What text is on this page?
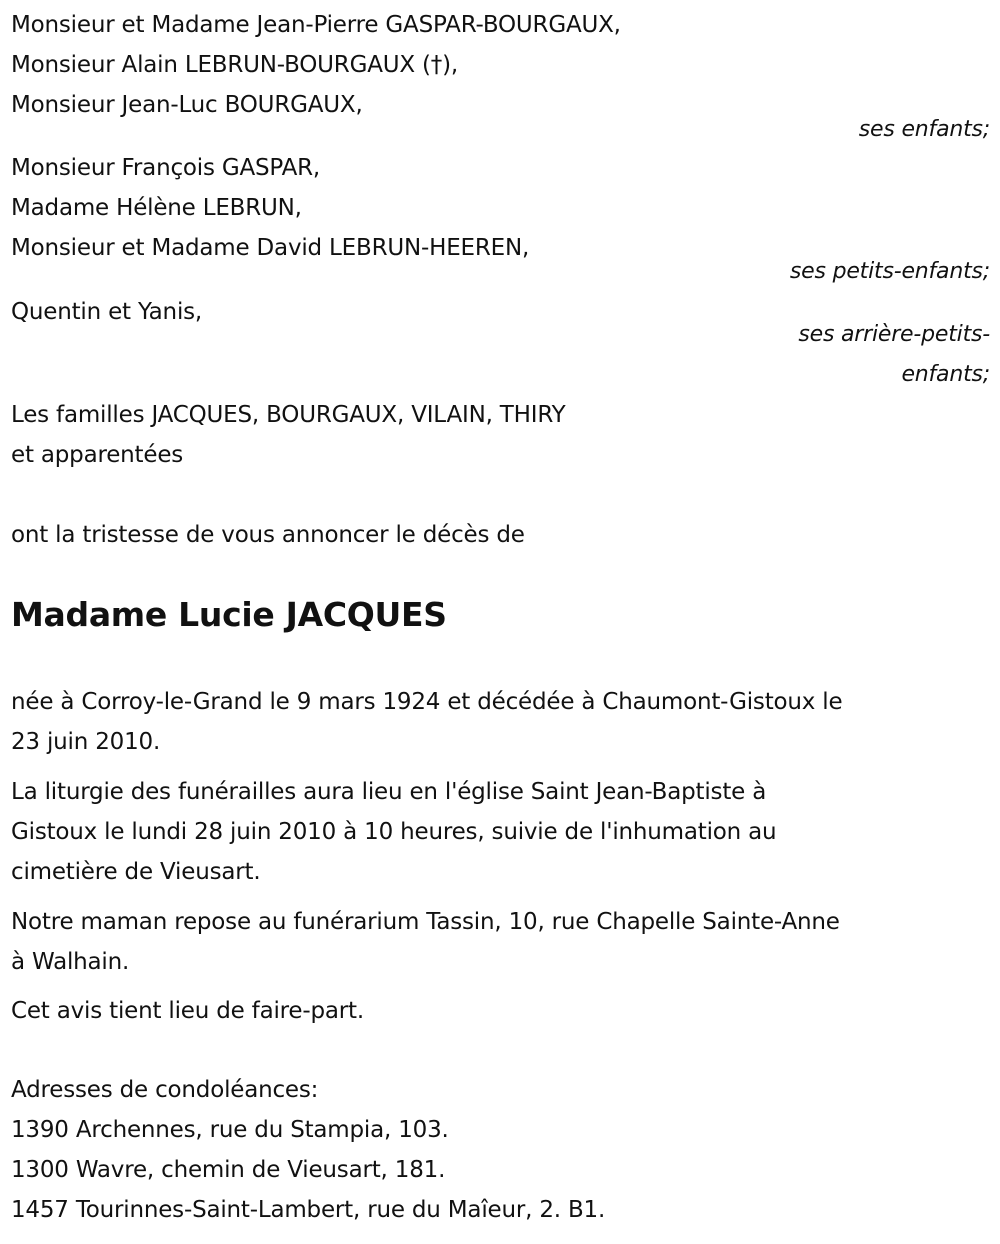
Monsieur et Madame Jean-Pierre GASPAR-BOURGAUX,
Monsieur Alain LEBRUN-BOURGAUX (†),
Monsieur Jean-Luc BOURGAUX,
ses enfants;
Monsieur François GASPAR,
Madame Hélène LEBRUN,
Monsieur et Madame David LEBRUN-HEEREN,
ses petits-enfants;
Quentin et Yanis,
ses arrière-petits-
enfants;
Les familles JACQUES, BOURGAUX, VILAIN, THIRY
et apparentées
ont la tristesse de vous annoncer le décès de
Madame Lucie JACQUES
née à Corroy-le-Grand le 9 mars 1924 et décédée à Chaumont-Gistoux le
23 juin 2010.
La liturgie des funérailles aura lieu en l'église Saint Jean-Baptiste à
Gistoux le lundi 28 juin 2010 à 10 heures, suivie de l'inhumation au
cimetière de Vieusart.
Notre maman repose au funérarium Tassin, 10, rue Chapelle Sainte-Anne
à Walhain.
Cet avis tient lieu de faire-part.
Adresses de condoléances:
1390 Archennes, rue du Stampia, 103.
1300 Wavre, chemin de Vieusart, 181.
1457 Tourinnes-Saint-Lambert, rue du Maîeur, 2. B1.
